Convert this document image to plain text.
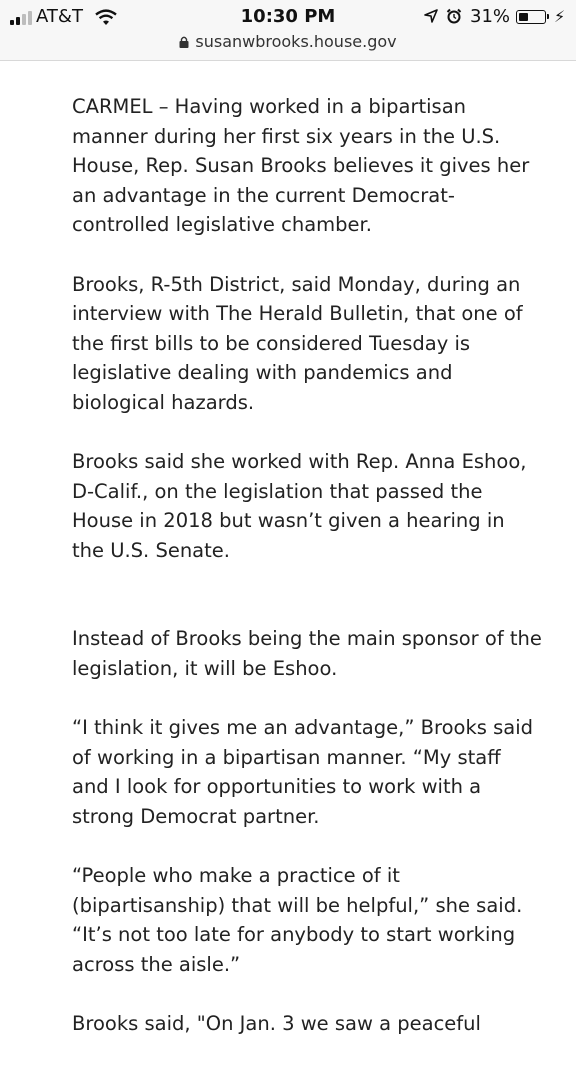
AT&T	10:30 PM	31%	⚡
susanwbrooks.house.gov

CARMEL – Having worked in a bipartisan manner during her first six years in the U.S. House, Rep. Susan Brooks believes it gives her an advantage in the current Democrat-controlled legislative chamber.

Brooks, R-5th District, said Monday, during an interview with The Herald Bulletin, that one of the first bills to be considered Tuesday is legislative dealing with pandemics and biological hazards.

Brooks said she worked with Rep. Anna Eshoo, D-Calif., on the legislation that passed the House in 2018 but wasn’t given a hearing in the U.S. Senate.

Instead of Brooks being the main sponsor of the legislation, it will be Eshoo.

“I think it gives me an advantage,” Brooks said of working in a bipartisan manner. “My staff and I look for opportunities to work with a strong Democrat partner.

“People who make a practice of it (bipartisanship) that will be helpful,” she said. “It’s not too late for anybody to start working across the aisle.”

Brooks said, "On Jan. 3 we saw a peaceful
